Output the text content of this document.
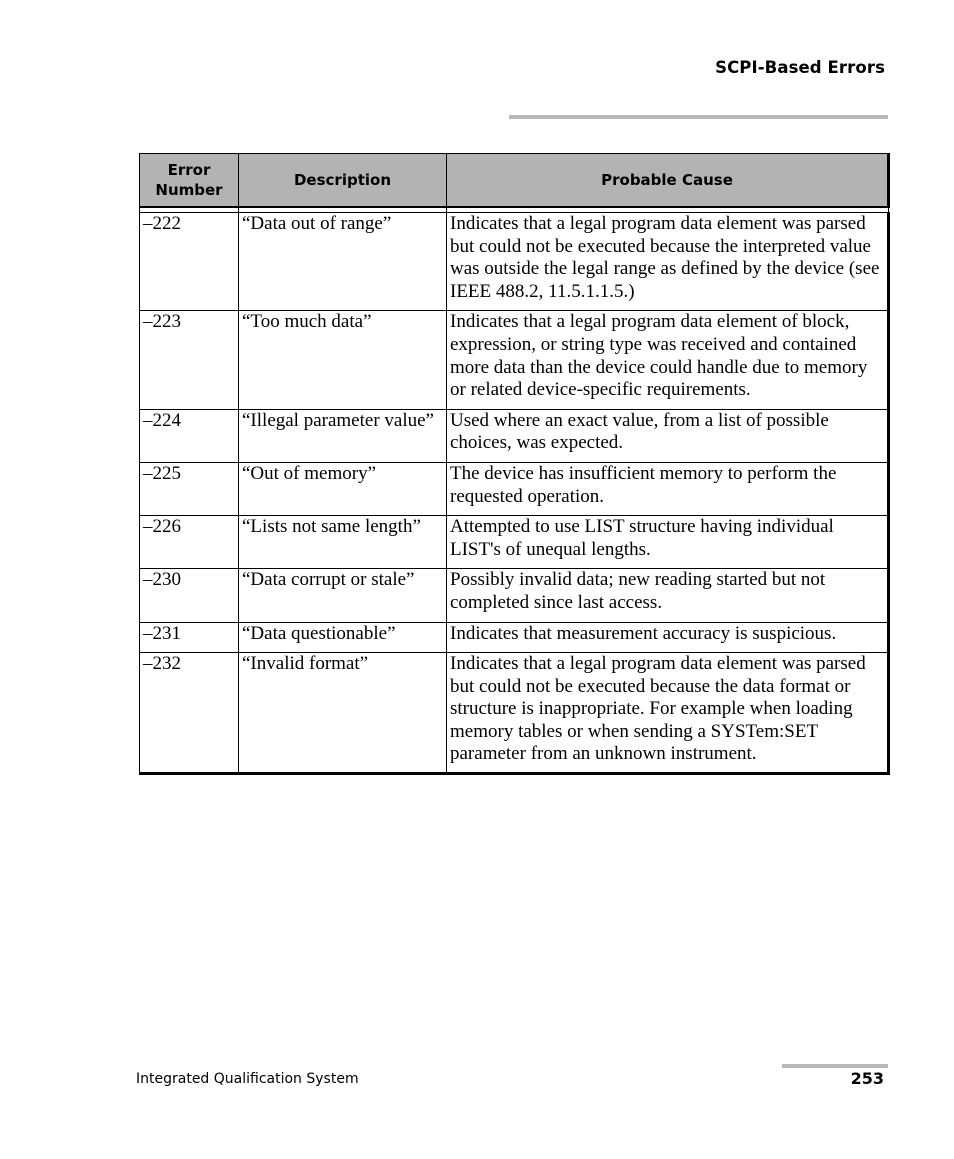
SCPI-Based Errors
Error Number	Description	Probable Cause

–222	“Data out of range”	Indicates that a legal program data element was parsed but could not be executed because the interpreted value was outside the legal range as defined by the device (see IEEE 488.2, 11.5.1.1.5.)
–223	“Too much data”	Indicates that a legal program data element of block, expression, or string type was received and contained more data than the device could handle due to memory or related device-specific requirements.
–224	“Illegal parameter value”	Used where an exact value, from a list of possible choices, was expected.
–225	“Out of memory”	The device has insufficient memory to perform the requested operation.
–226	“Lists not same length”	Attempted to use LIST structure having individual LIST's of unequal lengths.
–230	“Data corrupt or stale”	Possibly invalid data; new reading started but not completed since last access.
–231	“Data questionable”	Indicates that measurement accuracy is suspicious.
–232	“Invalid format”	Indicates that a legal program data element was parsed but could not be executed because the data format or structure is inappropriate. For example when loading memory tables or when sending a SYSTem:SET parameter from an unknown instrument.
Integrated Qualification System	253
